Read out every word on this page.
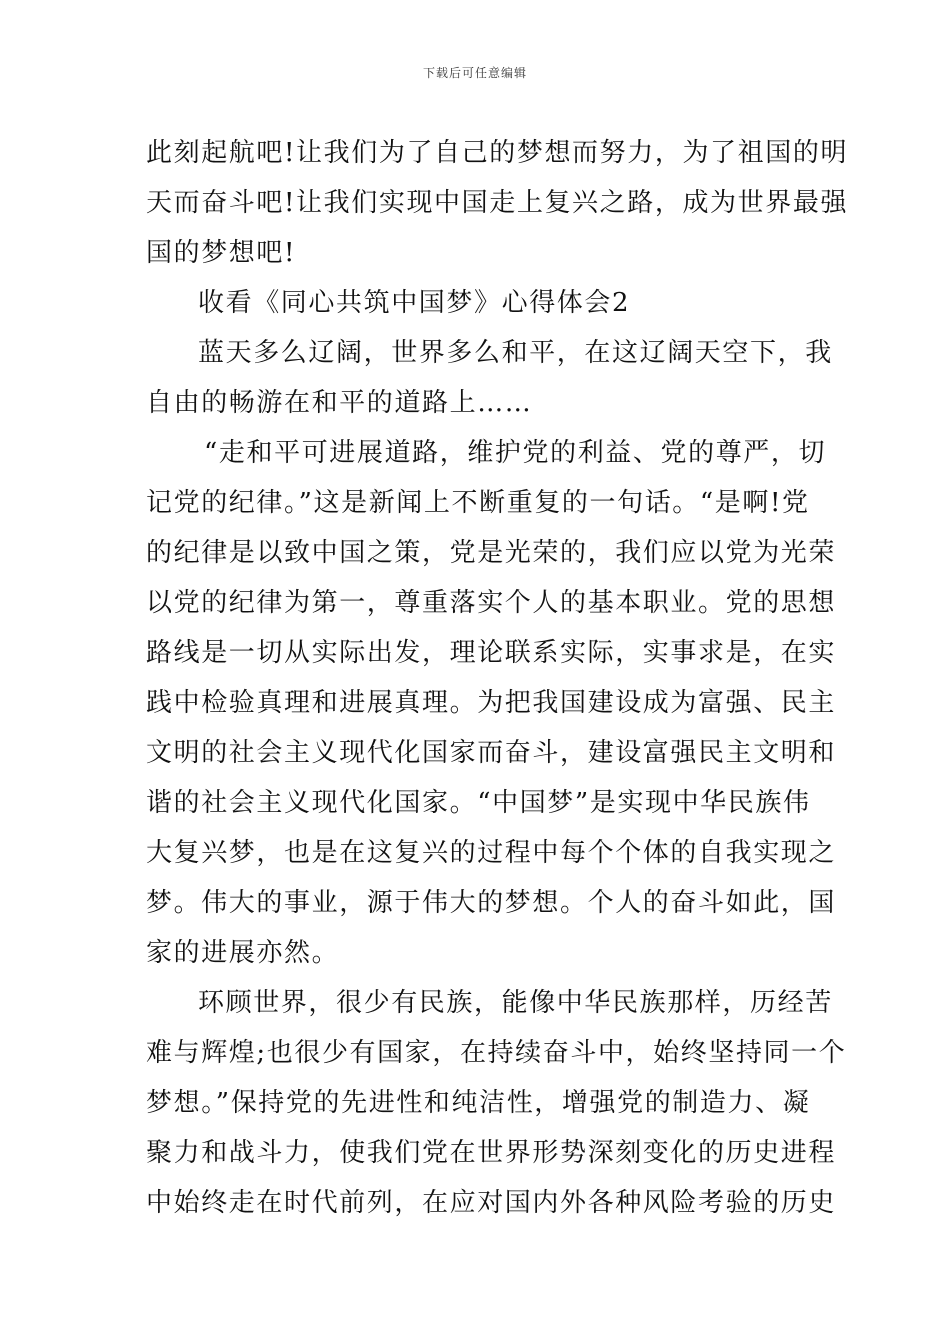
下载后可任意编辑
此刻起航吧!让我们为了自己的梦想而努力，为了祖国的明
天而奋斗吧!让我们实现中国走上复兴之路，成为世界最强
国的梦想吧!
收看《同心共筑中国梦》心得体会2
蓝天多么辽阔，世界多么和平，在这辽阔天空下，我
自由的畅游在和平的道路上……
“走和平可进展道路，维护党的利益、党的尊严，切
记党的纪律。”这是新闻上不断重复的一句话。“是啊!党
的纪律是以致中国之策，党是光荣的，我们应以党为光荣
以党的纪律为第一，尊重落实个人的基本职业。党的思想
路线是一切从实际出发，理论联系实际，实事求是，在实
践中检验真理和进展真理。为把我国建设成为富强、民主
文明的社会主义现代化国家而奋斗，建设富强民主文明和
谐的社会主义现代化国家。“中国梦”是实现中华民族伟
大复兴梦，也是在这复兴的过程中每个个体的自我实现之
梦。伟大的事业，源于伟大的梦想。个人的奋斗如此，国
家的进展亦然。
环顾世界，很少有民族，能像中华民族那样，历经苦
难与辉煌;也很少有国家，在持续奋斗中，始终坚持同一个
梦想。”保持党的先进性和纯洁性，增强党的制造力、凝
聚力和战斗力，使我们党在世界形势深刻变化的历史进程
中始终走在时代前列，在应对国内外各种风险考验的历史
